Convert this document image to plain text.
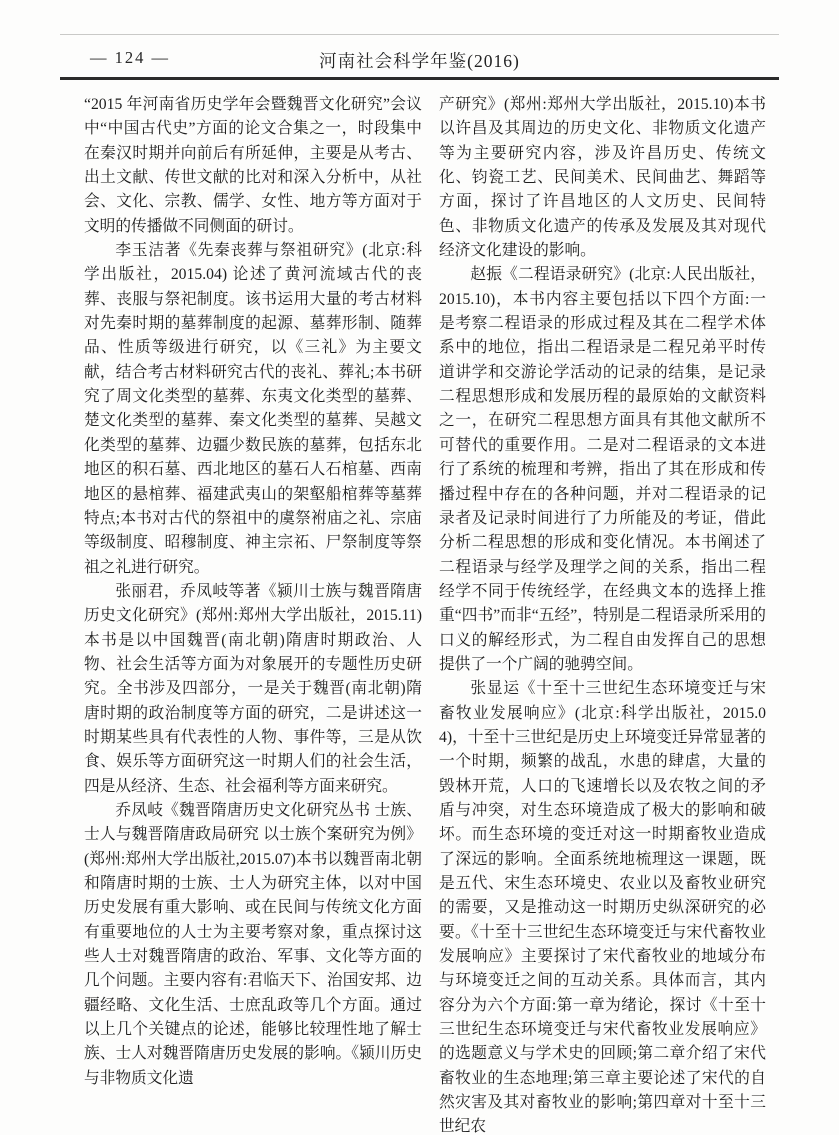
— 124 —	河南社会科学年鉴(2016)

“2015 年河南省历史学年会暨魏晋文化研究”会议中“中国古代史”方面的论文合集之一，时段集中在秦汉时期并向前后有所延伸，主要是从考古、出土文献、传世文献的比对和深入分析中，从社会、文化、宗教、儒学、女性、地方等方面对于文明的传播做不同侧面的研讨。

李玉洁著《先秦丧葬与祭祖研究》(北京:科学出版社，2015.04) 论述了黄河流域古代的丧葬、丧服与祭祀制度。该书运用大量的考古材料对先秦时期的墓葬制度的起源、墓葬形制、随葬品、性质等级进行研究，以《三礼》为主要文献，结合考古材料研究古代的丧礼、葬礼;本书研究了周文化类型的墓葬、东夷文化类型的墓葬、楚文化类型的墓葬、秦文化类型的墓葬、吴越文化类型的墓葬、边疆少数民族的墓葬，包括东北地区的积石墓、西北地区的墓石人石棺墓、西南地区的悬棺葬、福建武夷山的架壑船棺葬等墓葬特点;本书对古代的祭祖中的虞祭袝庙之礼、宗庙等级制度、昭穆制度、神主宗祏、尸祭制度等祭祖之礼进行研究。

张丽君，乔凤岐等著《颍川士族与魏晋隋唐历史文化研究》(郑州:郑州大学出版社，2015.11)本书是以中国魏晋(南北朝)隋唐时期政治、人物、社会生活等方面为对象展开的专题性历史研究。全书涉及四部分，一是关于魏晋(南北朝)隋唐时期的政治制度等方面的研究，二是讲述这一时期某些具有代表性的人物、事件等，三是从饮食、娱乐等方面研究这一时期人们的社会生活，四是从经济、生态、社会福利等方面来研究。

乔凤岐《魏晋隋唐历史文化研究丛书 士族、士人与魏晋隋唐政局研究 以士族个案研究为例》(郑州:郑州大学出版社,2015.07)本书以魏晋南北朝和隋唐时期的士族、士人为研究主体，以对中国历史发展有重大影响、或在民间与传统文化方面有重要地位的人士为主要考察对象，重点探讨这些人士对魏晋隋唐的政治、军事、文化等方面的几个问题。主要内容有:君临天下、治国安邦、边疆经略、文化生活、士庶乱政等几个方面。通过以上几个关键点的论述，能够比较理性地了解士族、士人对魏晋隋唐历史发展的影响。《颍川历史与非物质文化遗

产研究》(郑州:郑州大学出版社，2015.10)本书以许昌及其周边的历史文化、非物质文化遗产等为主要研究内容，涉及许昌历史、传统文化、钧瓷工艺、民间美术、民间曲艺、舞蹈等方面，探讨了许昌地区的人文历史、民间特色、非物质文化遗产的传承及发展及其对现代经济文化建设的影响。

赵振《二程语录研究》(北京:人民出版社，2015.10)，本书内容主要包括以下四个方面:一是考察二程语录的形成过程及其在二程学术体系中的地位，指出二程语录是二程兄弟平时传道讲学和交游论学活动的记录的结集，是记录二程思想形成和发展历程的最原始的文献资料之一，在研究二程思想方面具有其他文献所不可替代的重要作用。二是对二程语录的文本进行了系统的梳理和考辨，指出了其在形成和传播过程中存在的各种问题，并对二程语录的记录者及记录时间进行了力所能及的考证，借此分析二程思想的形成和变化情况。本书阐述了二程语录与经学及理学之间的关系，指出二程经学不同于传统经学，在经典文本的选择上推重“四书”而非“五经”，特别是二程语录所采用的口义的解经形式，为二程自由发挥自己的思想提供了一个广阔的驰骋空间。

张显运《十至十三世纪生态环境变迁与宋畜牧业发展响应》(北京:科学出版社，2015.04)，十至十三世纪是历史上环境变迁异常显著的一个时期，频繁的战乱，水患的肆虐，大量的毁林开荒，人口的飞速增长以及农牧之间的矛盾与冲突，对生态环境造成了极大的影响和破坏。而生态环境的变迁对这一时期畜牧业造成了深远的影响。全面系统地梳理这一课题，既是五代、宋生态环境史、农业以及畜牧业研究的需要，又是推动这一时期历史纵深研究的必要。《十至十三世纪生态环境变迁与宋代畜牧业发展响应》主要探讨了宋代畜牧业的地域分布与环境变迁之间的互动关系。具体而言，其内容分为六个方面:第一章为绪论，探讨《十至十三世纪生态环境变迁与宋代畜牧业发展响应》的选题意义与学术史的回顾;第二章介绍了宋代畜牧业的生态地理;第三章主要论述了宋代的自然灾害及其对畜牧业的影响;第四章对十至十三世纪农
